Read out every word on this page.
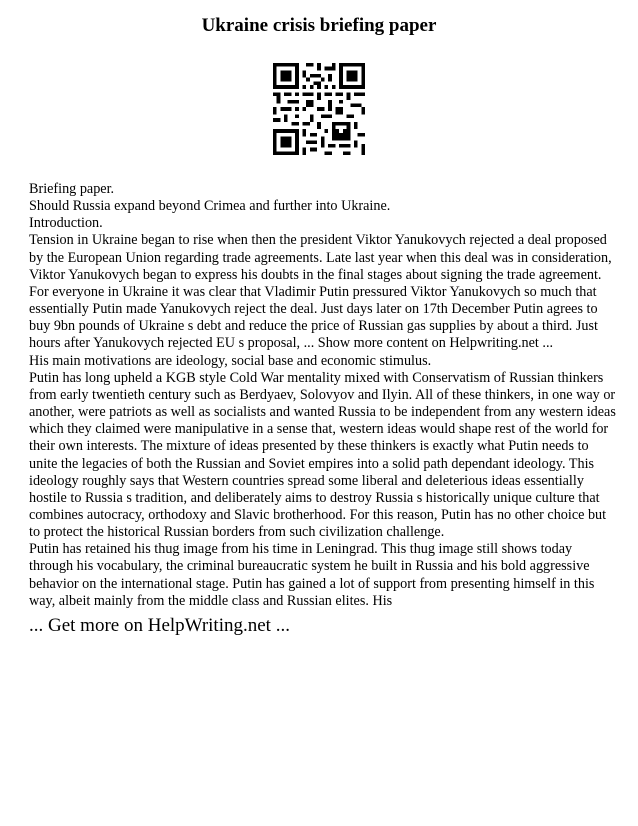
Ukraine crisis briefing paper

Briefing paper.

Should Russia expand beyond Crimea and further into Ukraine.

Introduction.

Tension in Ukraine began to rise when then the president Viktor Yanukovych rejected a deal proposed by the European Union regarding trade agreements. Late last year when this deal was in consideration, Viktor Yanukovych began to express his doubts in the final stages about signing the trade agreement. For everyone in Ukraine it was clear that Vladimir Putin pressured Viktor Yanukovych so much that essentially Putin made Yanukovych reject the deal. Just days later on 17th December Putin agrees to buy 9bn pounds of Ukraine s debt and reduce the price of Russian gas supplies by about a third. Just hours after Yanukovych rejected EU s proposal, ... Show more content on Helpwriting.net ...

His main motivations are ideology, social base and economic stimulus.

Putin has long upheld a KGB style Cold War mentality mixed with Conservatism of Russian thinkers from early twentieth century such as Berdyaev, Solovyov and Ilyin. All of these thinkers, in one way or another, were patriots as well as socialists and wanted Russia to be independent from any western ideas which they claimed were manipulative in a sense that, western ideas would shape rest of the world for their own interests. The mixture of ideas presented by these thinkers is exactly what Putin needs to unite the legacies of both the Russian and Soviet empires into a solid path dependant ideology. This ideology roughly says that Western countries spread some liberal and deleterious ideas essentially hostile to Russia s tradition, and deliberately aims to destroy Russia s historically unique culture that combines autocracy, orthodoxy and Slavic brotherhood. For this reason, Putin has no other choice but to protect the historical Russian borders from such civilization challenge.

Putin has retained his thug image from his time in Leningrad. This thug image still shows today through his vocabulary, the criminal bureaucratic system he built in Russia and his bold aggressive behavior on the international stage. Putin has gained a lot of support from presenting himself in this way, albeit mainly from the middle class and Russian elites. His

... Get more on HelpWriting.net ...
